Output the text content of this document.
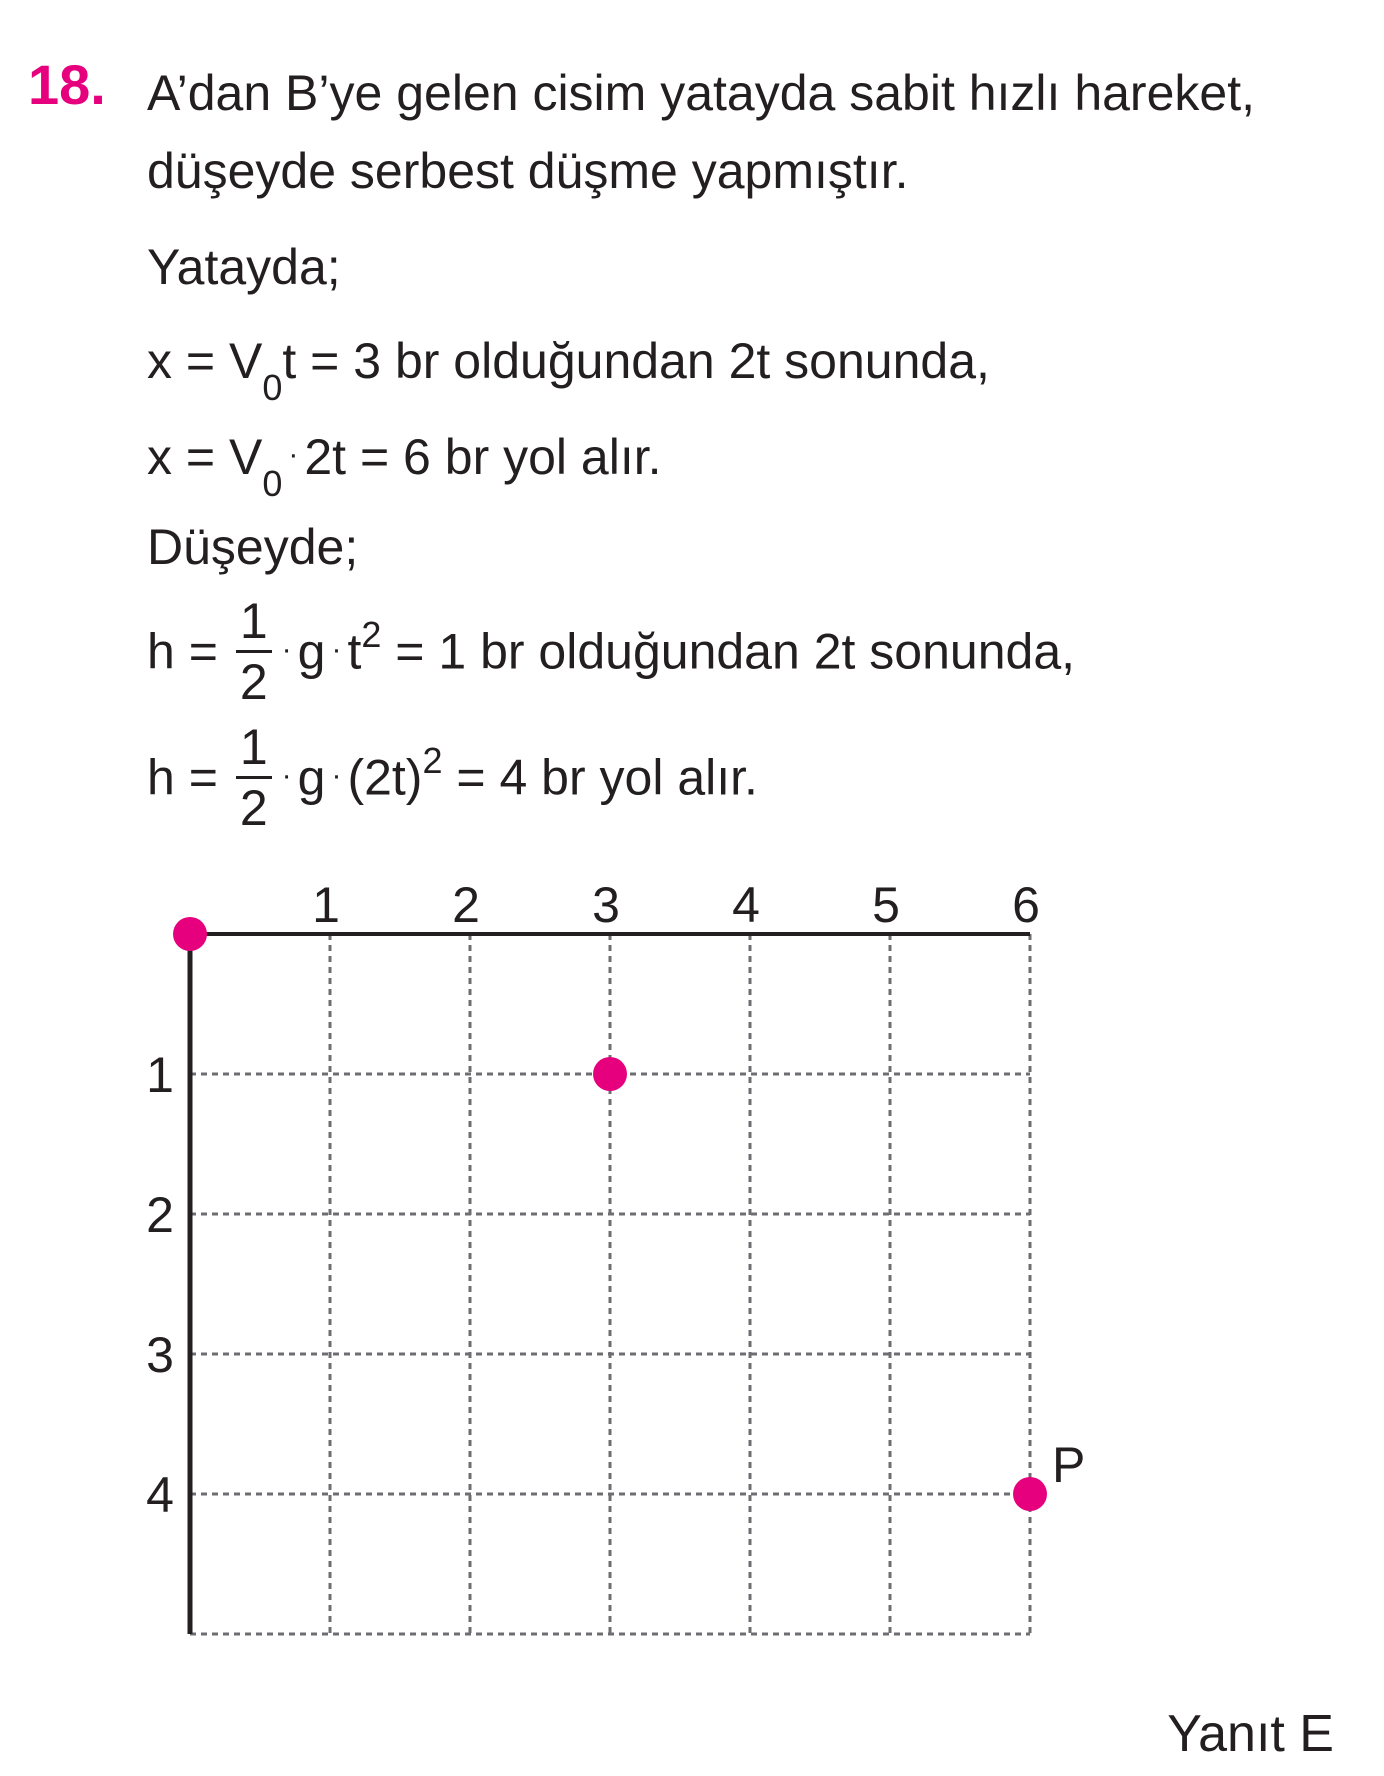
18. A’dan B’ye gelen cisim yatayda sabit hızlı hareket,
düşeyde serbest düşme yapmıştır.
Yatayda;
$x = V_0t = 3$ br olduğundan 2t sonunda,
$x = V_0^\cdot$ 2t = 6 br yol alır.
Düşeyde;
$h = \frac{1}{2} ^\cdot$ g · $t^2 = 1$ br olduğundan 2t sonunda,
$h = \frac{1}{2} ^\cdot$ g · $(2t)^2 = 4$ br yol alır.
1 2 3 4 5 6
1
2
3
4
P
Yanıt E
